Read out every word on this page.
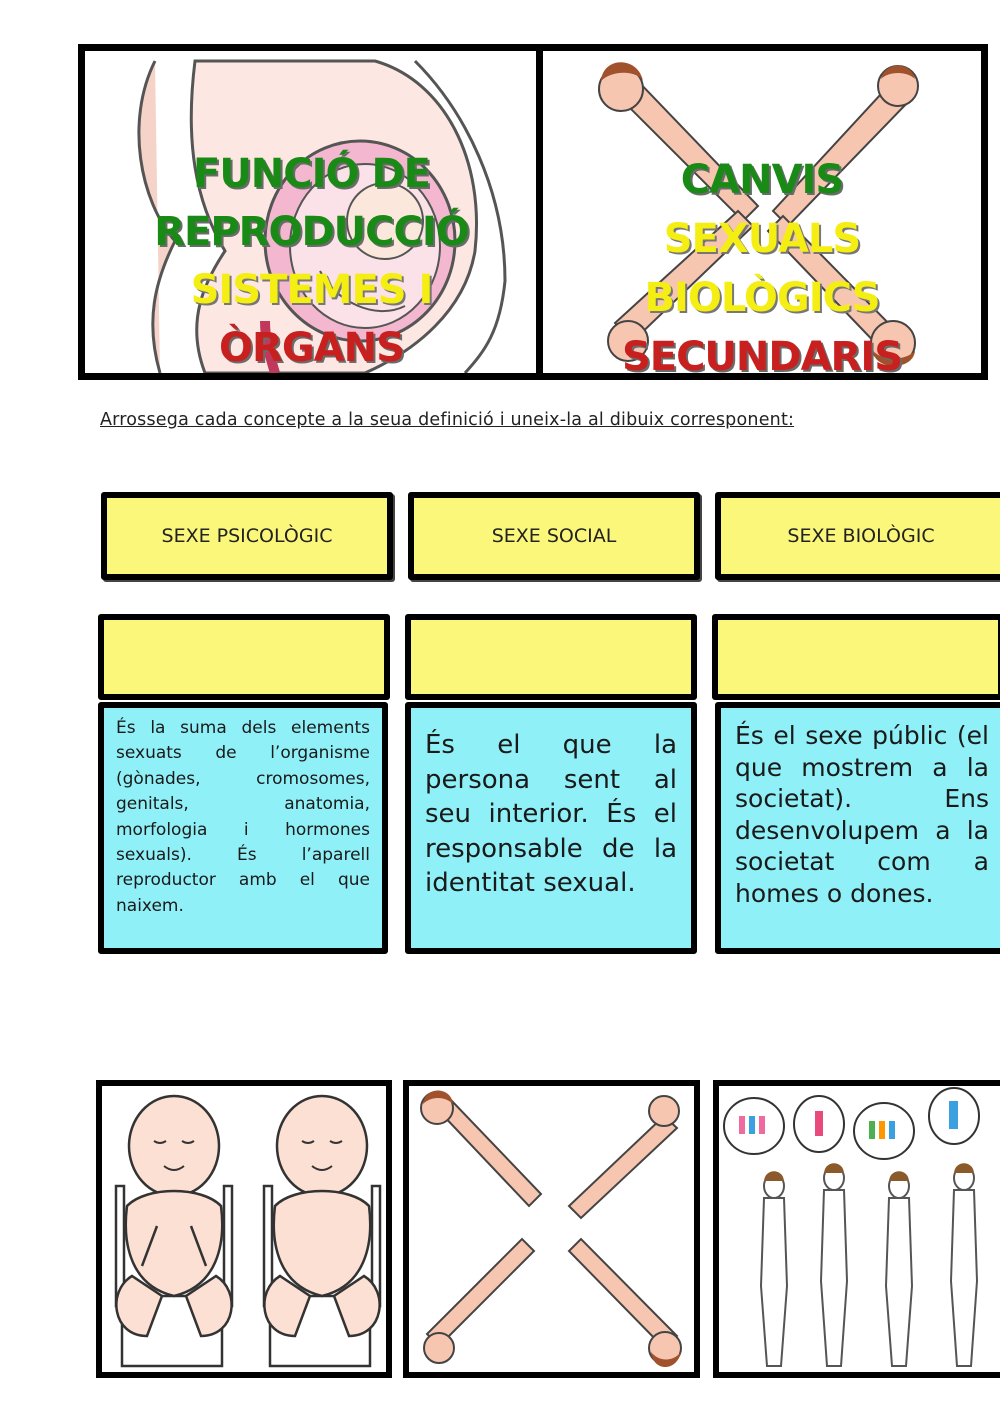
FUNCIÓ DE
REPRODUCCIÓ
SISTEMES I
ÒRGANS
CANVIS
SEXUALS
BIOLÒGICS
SECUNDARIS
Arrossega cada concepte a la seua definició i uneix-la al dibuix corresponent:
SEXE PSICOLÒGIC	SEXE SOCIAL	SEXE BIOLÒGIC
És la suma dels elements sexuats de l’organisme (gònades, cromosomes, genitals, anatomia, morfologia i hormones sexuals). És l’aparell reproductor amb el que naixem.
És el que la persona sent al seu interior. És el responsable de la identitat sexual.
És el sexe públic (el que mostrem a la societat). Ens desenvolupem a la societat com a homes o dones.
